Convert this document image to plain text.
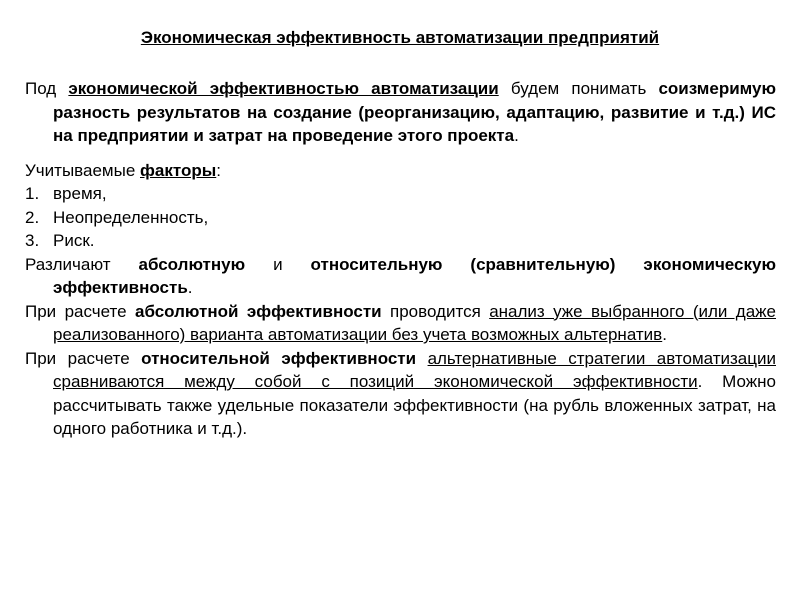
Экономическая эффективность автоматизации предприятий

Под экономической эффективностью автоматизации будем понимать соизмеримую разность результатов на создание (реорганизацию, адаптацию, развитие и т.д.) ИС на предприятии и затрат на проведение этого проекта.

Учитываемые факторы:

1. время,
2. Неопределенность,
3. Риск.

Различают абсолютную и относительную (сравнительную) экономическую эффективность.

При расчете абсолютной эффективности проводится анализ уже выбранного (или даже реализованного) варианта автоматизации без учета возможных альтернатив.

При расчете относительной эффективности альтернативные стратегии автоматизации сравниваются между собой с позиций экономической эффективности. Можно рассчитывать также удельные показатели эффективности (на рубль вложенных затрат, на одного работника и т.д.).
